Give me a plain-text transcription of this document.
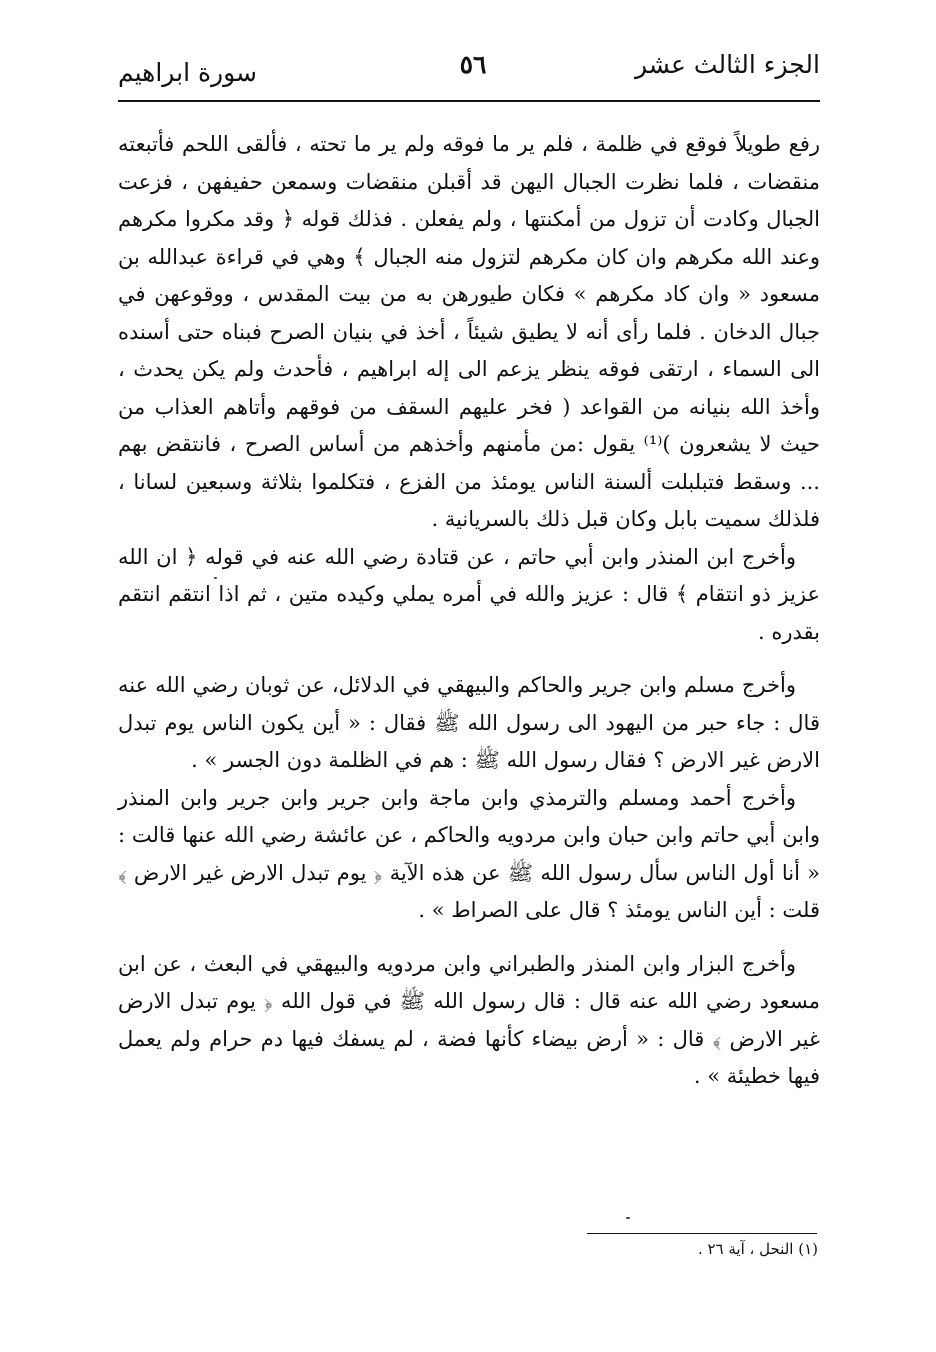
الجزء الثالث عشر
٥٦
سورة ابراهيم

رفع طويلاً فوقع في ظلمة ، فلم ير ما فوقه ولم ير ما تحته ، فألقى اللحم فأتبعته منقضات ، فلما نظرت الجبال اليهن قد أقبلن منقضات وسمعن حفيفهن ، فزعت الجبال وكادت أن تزول من أمكنتها ، ولم يفعلن . فذلك قوله ﴿ وقد مكروا مكرهم وعند الله مكرهم وان كان مكرهم لتزول منه الجبال ﴾ وهي في قراءة عبدالله بن مسعود « وان كاد مكرهم » فكان طيورهن به من بيت المقدس ، ووقوعهن في جبال الدخان . فلما رأى أنه لا يطيق شيئاً ، أخذ في بنيان الصرح فبناه حتى أسنده الى السماء ، ارتقى فوقه ينظر يزعم الى إله ابراهيم ، فأحدث ولم يكن يحدث ، وأخذ الله بنيانه من القواعد ( فخر عليهم السقف من فوقهم وأتاهم العذاب من حيث لا يشعرون )⁽¹⁾ يقول :من مأمنهم وأخذهم من أساس الصرح ، فانتقض بهم ... وسقط فتبلبلت ألسنة الناس يومئذ من الفزع ، فتكلموا بثلاثة وسبعين لسانا ، فلذلك سميت بابل وكان قبل ذلك بالسريانية .

وأخرج ابن المنذر وابن أبي حاتم ، عن قتادة رضي الله عنه في قوله ﴿ ان الله عزيز ذو انتقام ﴾ قال : عزيز والله في أمره يملي وكيده متين ، ثم اذا انتقم انتقم بقدره .

وأخرج مسلم وابن جرير والحاكم والبيهقي في الدلائل، عن ثوبان رضي الله عنه قال : جاء حبر من اليهود الى رسول الله ﷺ فقال : « أين يكون الناس يوم تبدل الارض غير الارض ؟ فقال رسول الله ﷺ : هم في الظلمة دون الجسر » .

وأخرج أحمد ومسلم والترمذي وابن ماجة وابن جرير وابن جرير وابن المنذر وابن أبي حاتم وابن حبان وابن مردويه والحاكم ، عن عائشة رضي الله عنها قالت : « أنا أول الناس سأل رسول الله ﷺ عن هذه الآية ﴿ يوم تبدل الارض غير الارض ﴾ قلت : أين الناس يومئذ ؟ قال على الصراط » .

وأخرج البزار وابن المنذر والطبراني وابن مردويه والبيهقي في البعث ، عن ابن مسعود رضي الله عنه قال : قال رسول الله ﷺ في قول الله ﴿ يوم تبدل الارض غير الارض ﴾ قال : « أرض بيضاء كأنها فضة ، لم يسفك فيها دم حرام ولم يعمل فيها خطيئة » .

(١) النحل ، آية ٢٦ .
